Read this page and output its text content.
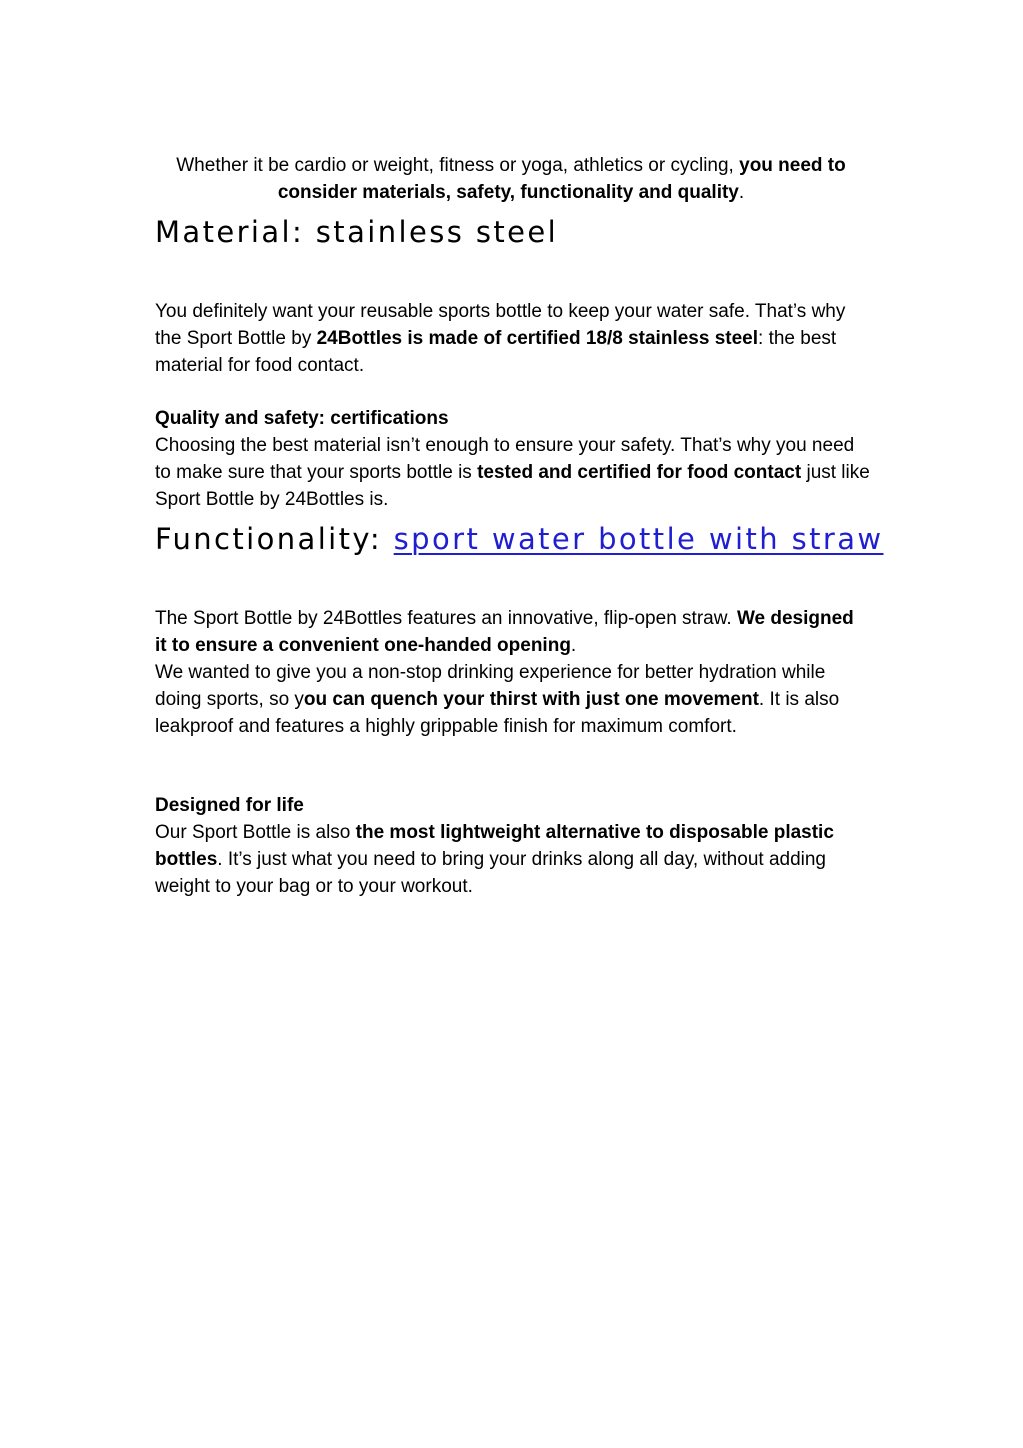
Whether it be cardio or weight, fitness or yoga, athletics or cycling, you need to consider materials, safety, functionality and quality.

Material: stainless steel

You definitely want your reusable sports bottle to keep your water safe. That’s why the Sport Bottle by 24Bottles is made of certified 18/8 stainless steel: the best material for food contact.

Quality and safety: certifications
Choosing the best material isn’t enough to ensure your safety. That’s why you need to make sure that your sports bottle is tested and certified for food contact just like Sport Bottle by 24Bottles is.

Functionality: sport water bottle with straw

The Sport Bottle by 24Bottles features an innovative, flip-open straw. We designed it to ensure a convenient one-handed opening.
We wanted to give you a non-stop drinking experience for better hydration while doing sports, so you can quench your thirst with just one movement. It is also leakproof and features a highly grippable finish for maximum comfort.

Designed for life
Our Sport Bottle is also the most lightweight alternative to disposable plastic bottles. It’s just what you need to bring your drinks along all day, without adding weight to your bag or to your workout.
